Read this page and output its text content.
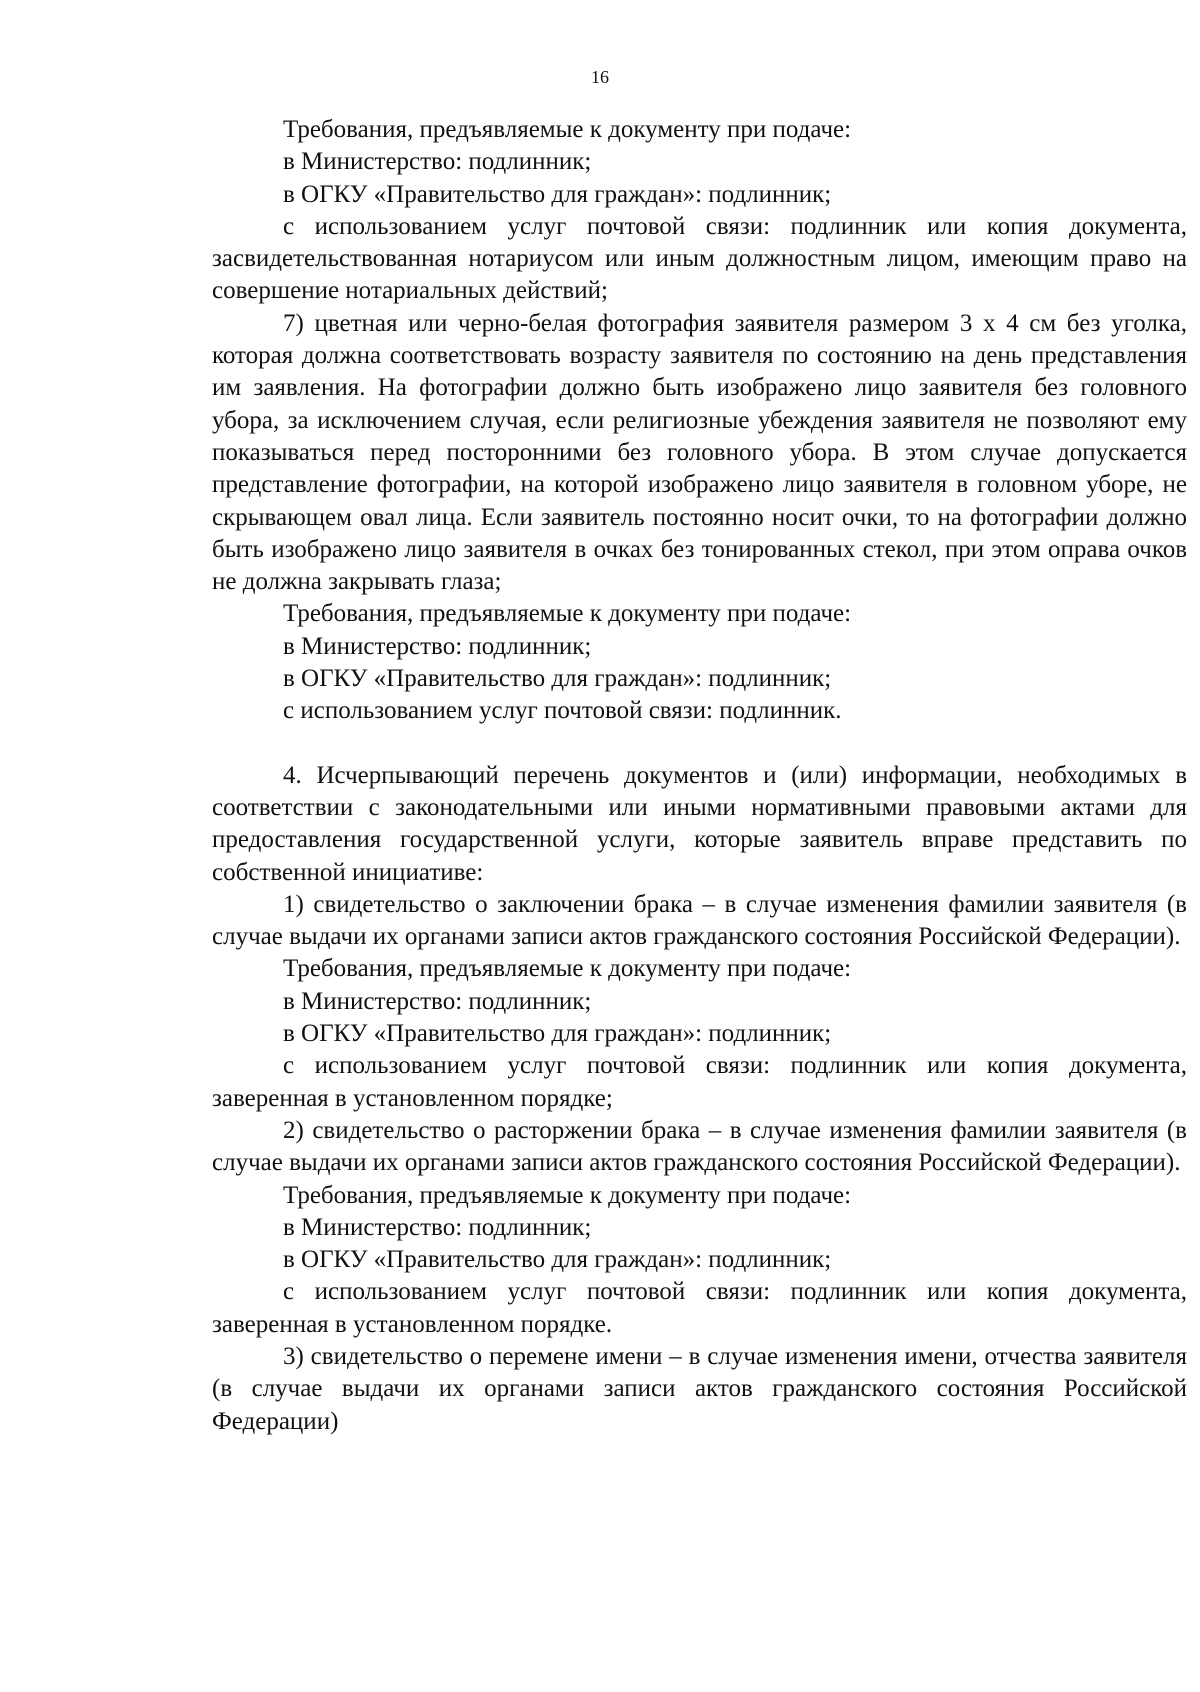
16

Требования, предъявляемые к документу при подаче:

в Министерство: подлинник;

в ОГКУ «Правительство для граждан»: подлинник;

с использованием услуг почтовой связи: подлинник или копия документа, засвидетельствованная нотариусом или иным должностным лицом, имеющим право на совершение нотариальных действий;

7) цветная или черно-белая фотография заявителя размером 3 х 4 см без уголка, которая должна соответствовать возрасту заявителя по состоянию на день представления им заявления. На фотографии должно быть изображено лицо заявителя без головного убора, за исключением случая, если религиозные убеждения заявителя не позволяют ему показываться перед посторонними без головного убора. В этом случае допускается представление фотографии, на которой изображено лицо заявителя в головном уборе, не скрывающем овал лица. Если заявитель постоянно носит очки, то на фотографии должно быть изображено лицо заявителя в очках без тонированных стекол, при этом оправа очков не должна закрывать глаза;

Требования, предъявляемые к документу при подаче:

в Министерство: подлинник;

в ОГКУ «Правительство для граждан»: подлинник;

с использованием услуг почтовой связи: подлинник.

4. Исчерпывающий перечень документов и (или) информации, необходимых в соответствии с законодательными или иными нормативными правовыми актами для предоставления государственной услуги, которые заявитель вправе представить по собственной инициативе:

1) свидетельство о заключении брака – в случае изменения фамилии заявителя (в случае выдачи их органами записи актов гражданского состояния Российской Федерации).

Требования, предъявляемые к документу при подаче:

в Министерство: подлинник;

в ОГКУ «Правительство для граждан»: подлинник;

с использованием услуг почтовой связи: подлинник или копия документа, заверенная в установленном порядке;

2) свидетельство о расторжении брака – в случае изменения фамилии заявителя (в случае выдачи их органами записи актов гражданского состояния Российской Федерации).

Требования, предъявляемые к документу при подаче:

в Министерство: подлинник;

в ОГКУ «Правительство для граждан»: подлинник;

с использованием услуг почтовой связи: подлинник или копия документа, заверенная в установленном порядке.

3) свидетельство о перемене имени – в случае изменения имени, отчества заявителя (в случае выдачи их органами записи актов гражданского состояния Российской Федерации)
